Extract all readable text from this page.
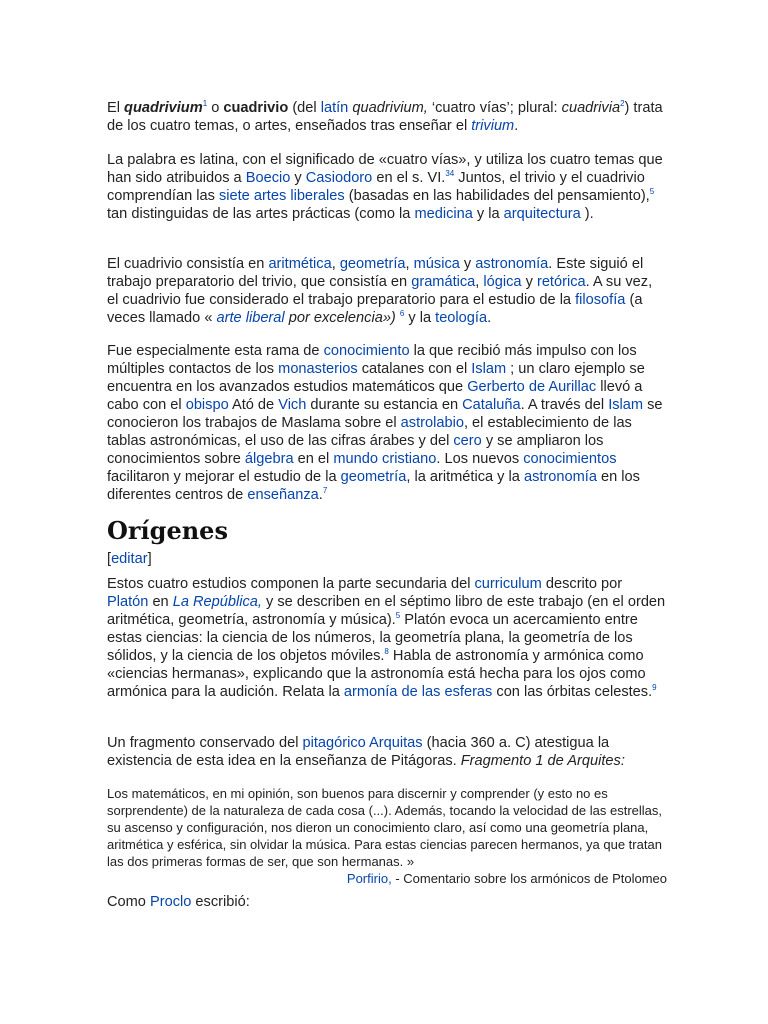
El quadrivium$^1$ o cuadrivio (del latín quadrivium, ‘cuatro vías’; plural: cuadrivia$^2$) trata de los cuatro temas, o artes, enseñados tras enseñar el trivium.

La palabra es latina, con el significado de «cuatro vías», y utiliza los cuatro temas que han sido atribuidos a Boecio y Casiodoro en el s. VI.$^{34}$ Juntos, el trivio y el cuadrivio comprendían las siete artes liberales (basadas en las habilidades del pensamiento),$^5$ tan distinguidas de las artes prácticas (como la medicina y la arquitectura ).

El cuadrivio consistía en aritmética, geometría, música y astronomía. Este siguió el trabajo preparatorio del trivio, que consistía en gramática, lógica y retórica. A su vez, el cuadrivio fue considerado el trabajo preparatorio para el estudio de la filosofía (a veces llamado « arte liberal por excelencia») $^6$ y la teología.

Fue especialmente esta rama de conocimiento la que recibió más impulso con los múltiples contactos de los monasterios catalanes con el Islam ; un claro ejemplo se encuentra en los avanzados estudios matemáticos que Gerberto de Aurillac llevó a cabo con el obispo Ató de Vich durante su estancia en Cataluña. A través del Islam se conocieron los trabajos de Maslama sobre el astrolabio, el establecimiento de las tablas astronómicas, el uso de las cifras árabes y del cero y se ampliaron los conocimientos sobre álgebra en el mundo cristiano. Los nuevos conocimientos facilitaron y mejorar el estudio de la geometría, la aritmética y la astronomía en los diferentes centros de enseñanza.$^7$

Orígenes

[editar]

Estos cuatro estudios componen la parte secundaria del curriculum descrito por Platón en La República, y se describen en el séptimo libro de este trabajo (en el orden aritmética, geometría, astronomía y música).$^5$ Platón evoca un acercamiento entre estas ciencias: la ciencia de los números, la geometría plana, la geometría de los sólidos, y la ciencia de los objetos móviles.$^8$ Habla de astronomía y armónica como «ciencias hermanas», explicando que la astronomía está hecha para los ojos como armónica para la audición. Relata la armonía de las esferas con las órbitas celestes.$^9$

Un fragmento conservado del pitagórico Arquitas (hacia 360 a. C) atestigua la existencia de esta idea en la enseñanza de Pitágoras. Fragmento 1 de Arquites:

Los matemáticos, en mi opinión, son buenos para discernir y comprender (y esto no es sorprendente) de la naturaleza de cada cosa (...). Además, tocando la velocidad de las estrellas, su ascenso y configuración, nos dieron un conocimiento claro, así como una geometría plana, aritmética y esférica, sin olvidar la música. Para estas ciencias parecen hermanos, ya que tratan las dos primeras formas de ser, que son hermanas. »

Porfirio, - Comentario sobre los armónicos de Ptolomeo

Como Proclo escribió:
